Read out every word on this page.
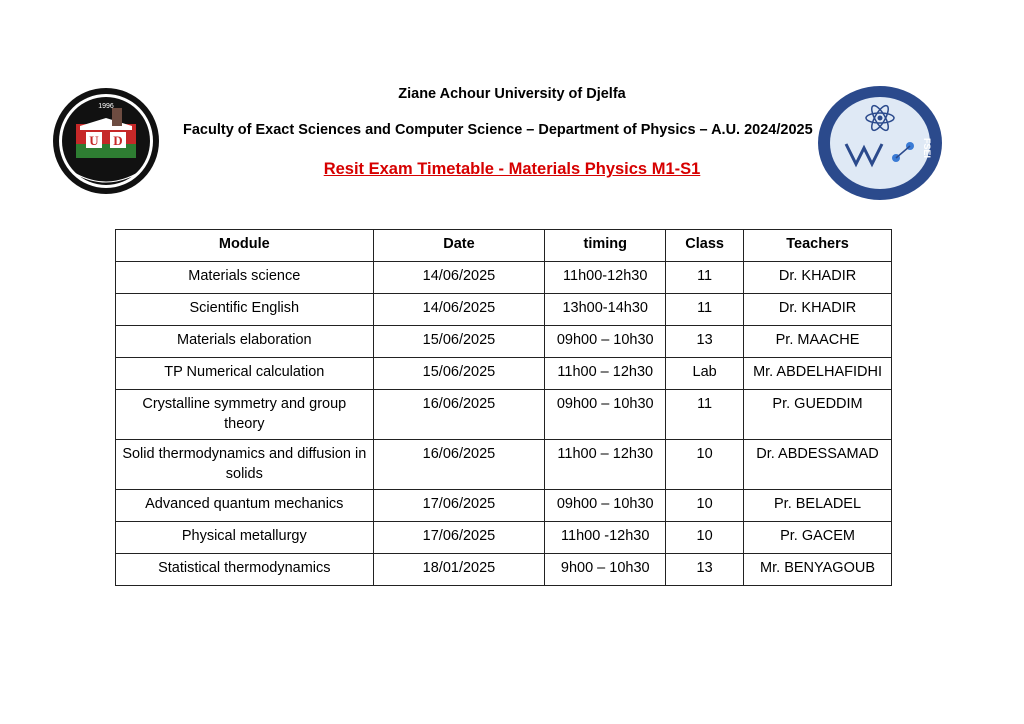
U D
1996
FSEI
Ziane Achour University of Djelfa
Faculty of Exact Sciences and Computer Science – Department of Physics – A.U. 2024/2025
Resit Exam Timetable - Materials Physics M1-S1
Module	Date	timing	Class	Teachers
Materials science	14/06/2025	11h00-12h30	11	Dr. KHADIR
Scientific English	14/06/2025	13h00-14h30	11	Dr. KHADIR
Materials elaboration	15/06/2025	09h00 – 10h30	13	Pr. MAACHE
TP Numerical calculation	15/06/2025	11h00 – 12h30	Lab	Mr. ABDELHAFIDHI
Crystalline symmetry and group theory	16/06/2025	09h00 – 10h30	11	Pr. GUEDDIM
Solid thermodynamics and diffusion in solids	16/06/2025	11h00 – 12h30	10	Dr. ABDESSAMAD
Advanced quantum mechanics	17/06/2025	09h00 – 10h30	10	Pr. BELADEL
Physical metallurgy	17/06/2025	11h00 -12h30	10	Pr. GACEM
Statistical thermodynamics	18/01/2025	9h00 – 10h30	13	Mr. BENYAGOUB
